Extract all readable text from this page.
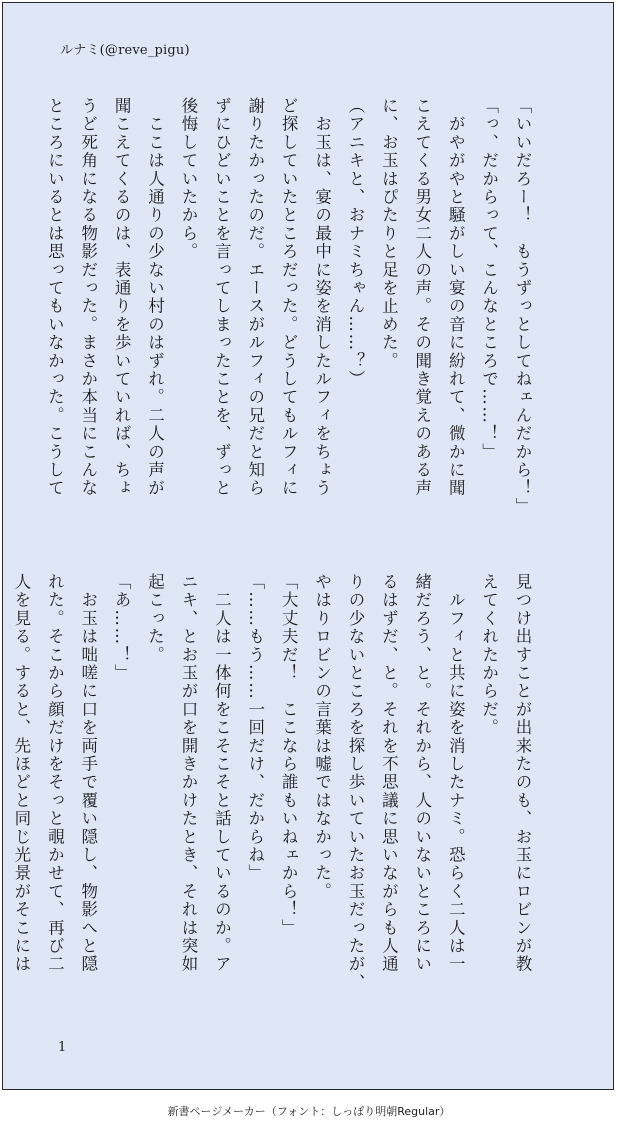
ルナミ(@reve_pigu)
「いいだろー！　もうずっとしてねェんだから！」
「っ、だからって、こんなところで……！」
　がやがやと騒がしい宴の音に紛れて、微かに聞
こえてくる男女二人の声。その聞き覚えのある声
に、お玉はぴたりと足を止めた。
（アニキと、おナミちゃん……？）
　お玉は、宴の最中に姿を消したルフィをちょう
ど探していたところだった。どうしてもルフィに
謝りたかったのだ。エースがルフィの兄だと知ら
ずにひどいことを言ってしまったことを、ずっと
後悔していたから。
　ここは人通りの少ない村のはずれ。二人の声が
聞こえてくるのは、表通りを歩いていれば、ちょ
うど死角になる物影だった。まさか本当にこんな
ところにいるとは思ってもいなかった。こうして
見つけ出すことが出来たのも、お玉にロビンが教
えてくれたからだ。
　ルフィと共に姿を消したナミ。恐らく二人は一
緒だろう、と。それから、人のいないところにい
るはずだ、と。それを不思議に思いながらも人通
りの少ないところを探し歩いていたお玉だったが、
やはりロビンの言葉は嘘ではなかった。
「大丈夫だ！　ここなら誰もいねェから！」
「……もう……一回だけ、だからね」
　二人は一体何をこそこそと話しているのか。ア
ニキ、とお玉が口を開きかけたとき、それは突如
起こった。
「あ……！」
　お玉は咄嗟に口を両手で覆い隠し、物影へと隠
れた。そこから顔だけをそっと覗かせて、再び二
人を見る。すると、先ほどと同じ光景がそこには
1
新書ページメーカー（フォント：しっぽり明朝Regular）
